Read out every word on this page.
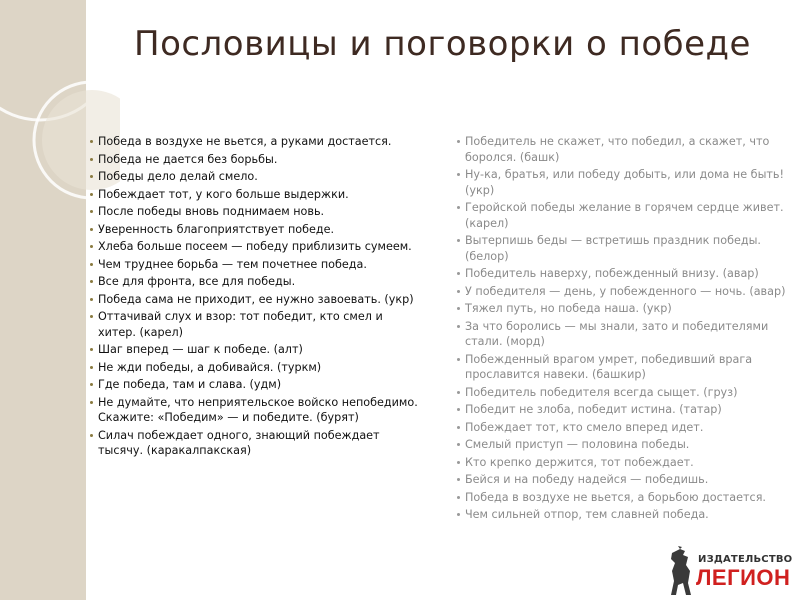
Пословицы и поговорки о победе
Победа в воздухе не вьется, а руками достается.
Победа не дается без борьбы.
Победы дело делай смело.
Побеждает тот, у кого больше выдержки.
После победы вновь поднимаем новь.
Уверенность благоприятствует победе.
Хлеба больше посеем — победу приблизить сумеем.
Чем труднее борьба — тем почетнее победа.
Все для фронта, все для победы.
Победа сама не приходит, ее нужно завоевать. (укр)
Оттачивай слух и взор: тот победит, кто смел и хитер. (карел)
Шаг вперед — шаг к победе. (алт)
Не жди победы, а добивайся. (туркм)
Где победа, там и слава. (удм)
Не думайте, что неприятельское войско непобедимо. Скажите: «Победим» — и победите. (бурят)
Силач побеждает одного, знающий побеждает тысячу. (каракалпакская)
Победитель не скажет, что победил, а скажет, что боролся. (башк)
Ну-ка, братья, или победу добыть, или дома не быть! (укр)
Геройской победы желание в горячем сердце живет. (карел)
Вытерпишь беды — встретишь праздник победы. (белор)
Победитель наверху, побежденный внизу. (авар)
У победителя — день, у побежденного — ночь. (авар)
Тяжел путь, но победа наша. (укр)
За что боролись — мы знали, зато и победителями стали. (морд)
Побежденный врагом умрет, победивший врага прославится навеки. (башкир)
Победитель победителя всегда сыщет. (груз)
Победит не злоба, победит истина. (татар)
Побеждает тот, кто смело вперед идет.
Смелый приступ — половина победы.
Кто крепко держится, тот побеждает.
Бейся и на победу надейся — победишь.
Победа в воздухе не вьется, а борьбою достается.
Чем сильней отпор, тем славней победа.
ИЗДАТЕЛЬСТВО
ЛЕГИОН
